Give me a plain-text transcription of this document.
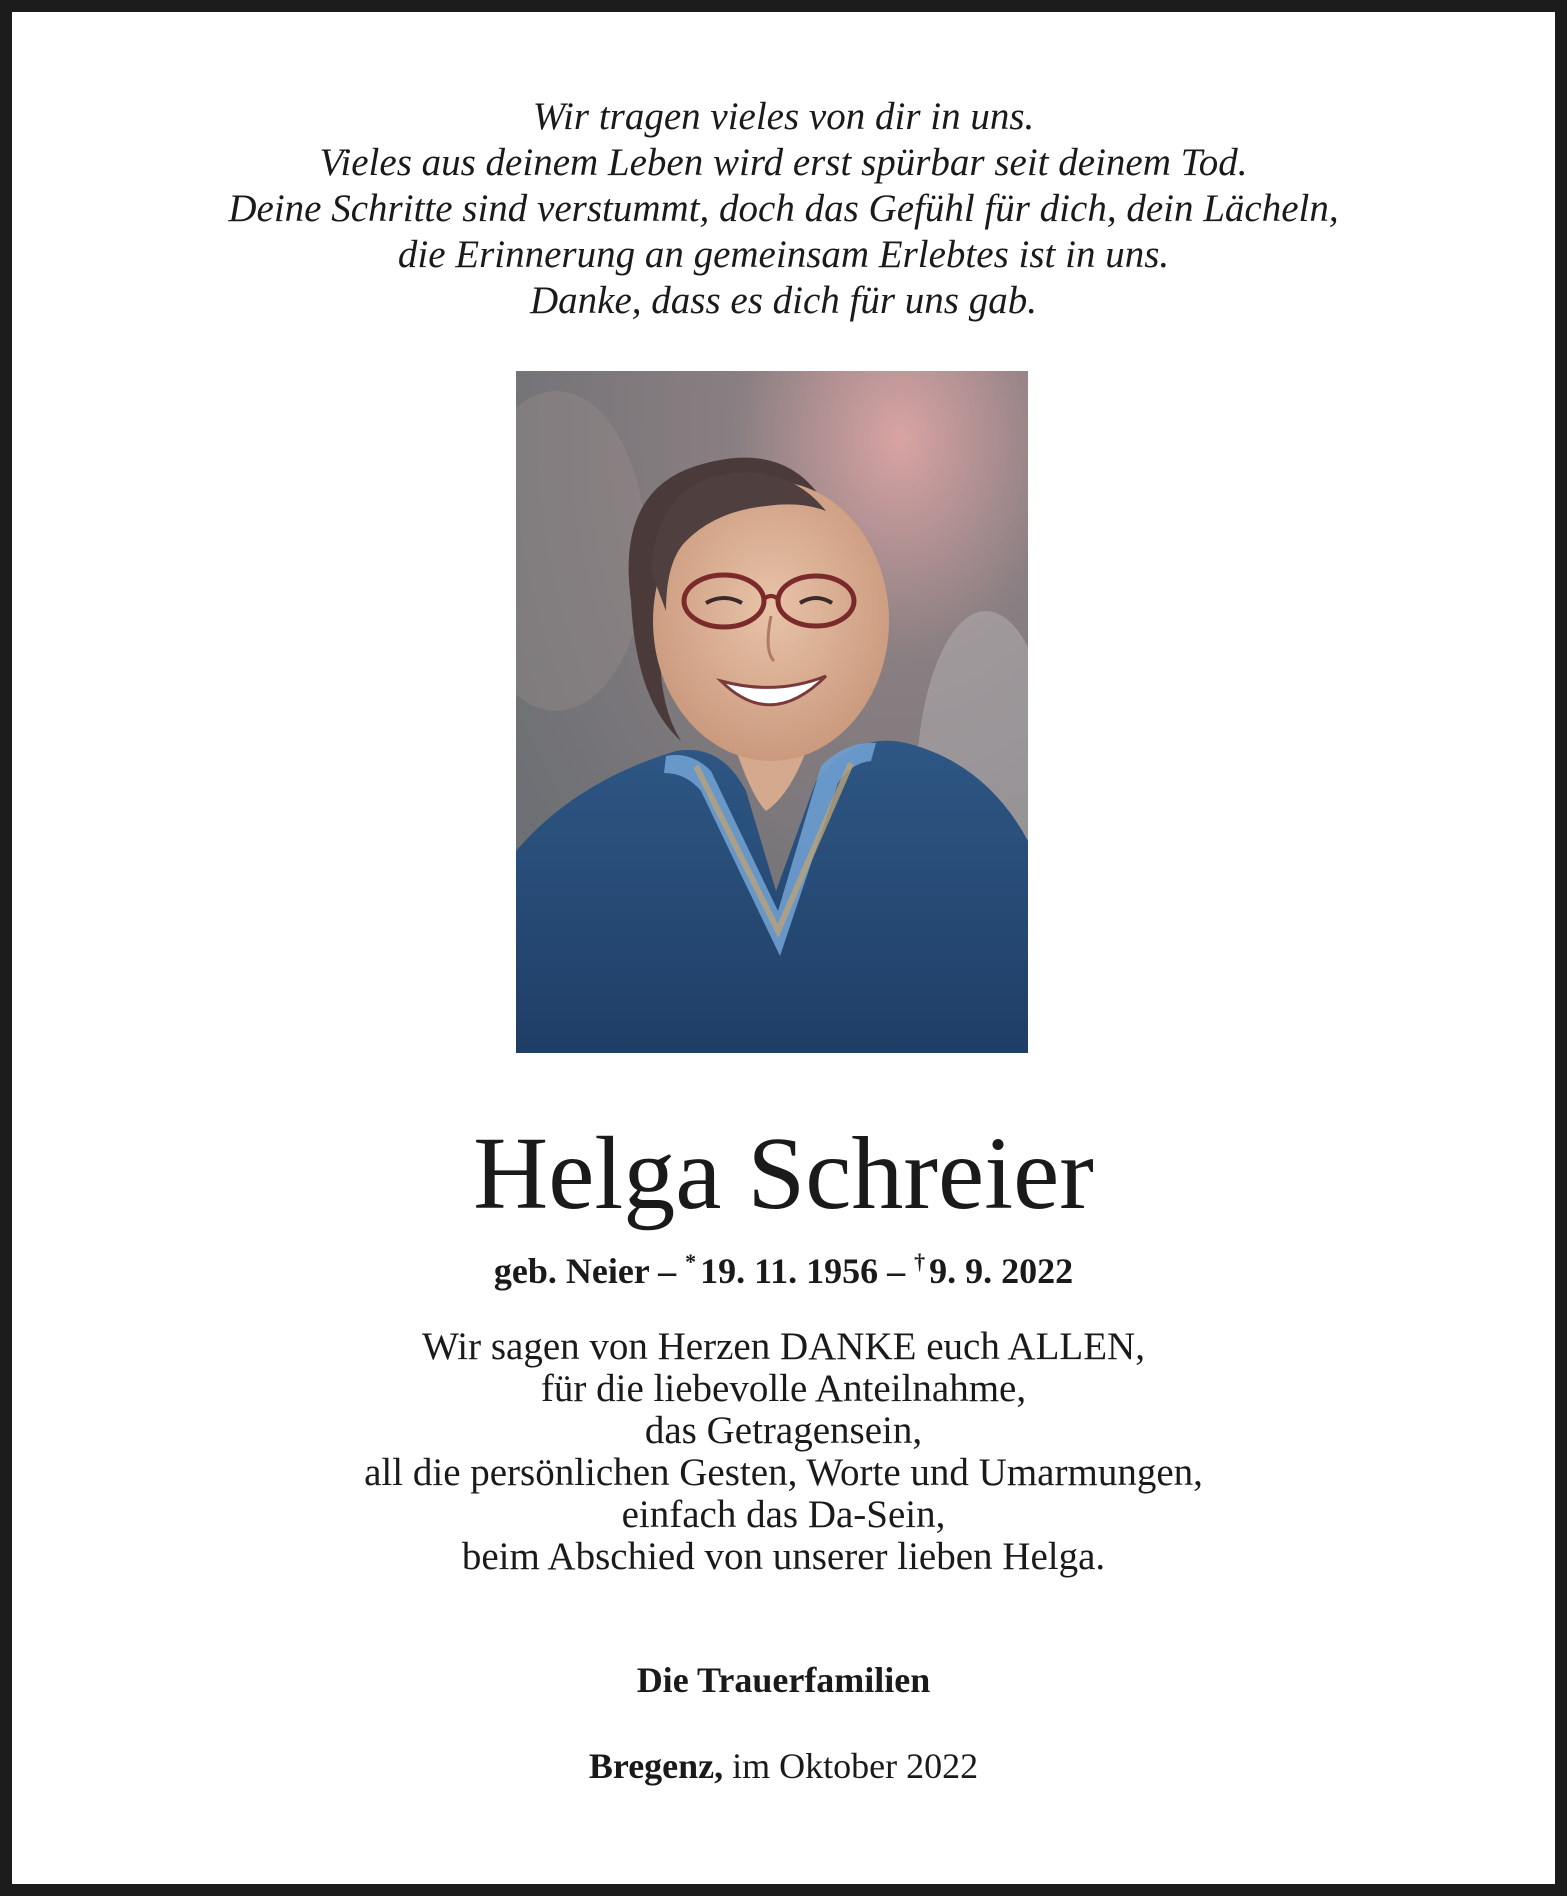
Wir tragen vieles von dir in uns.
Vieles aus deinem Leben wird erst spürbar seit deinem Tod.
Deine Schritte sind verstummt, doch das Gefühl für dich, dein Lächeln,
die Erinnerung an gemeinsam Erlebtes ist in uns.
Danke, dass es dich für uns gab.
Helga Schreier
geb. Neier – * 19. 11. 1956 – † 9. 9. 2022
Wir sagen von Herzen DANKE euch ALLEN,
für die liebevolle Anteilnahme,
das Getragensein,
all die persönlichen Gesten, Worte und Umarmungen,
einfach das Da-Sein,
beim Abschied von unserer lieben Helga.
Die Trauerfamilien
Bregenz, im Oktober 2022
